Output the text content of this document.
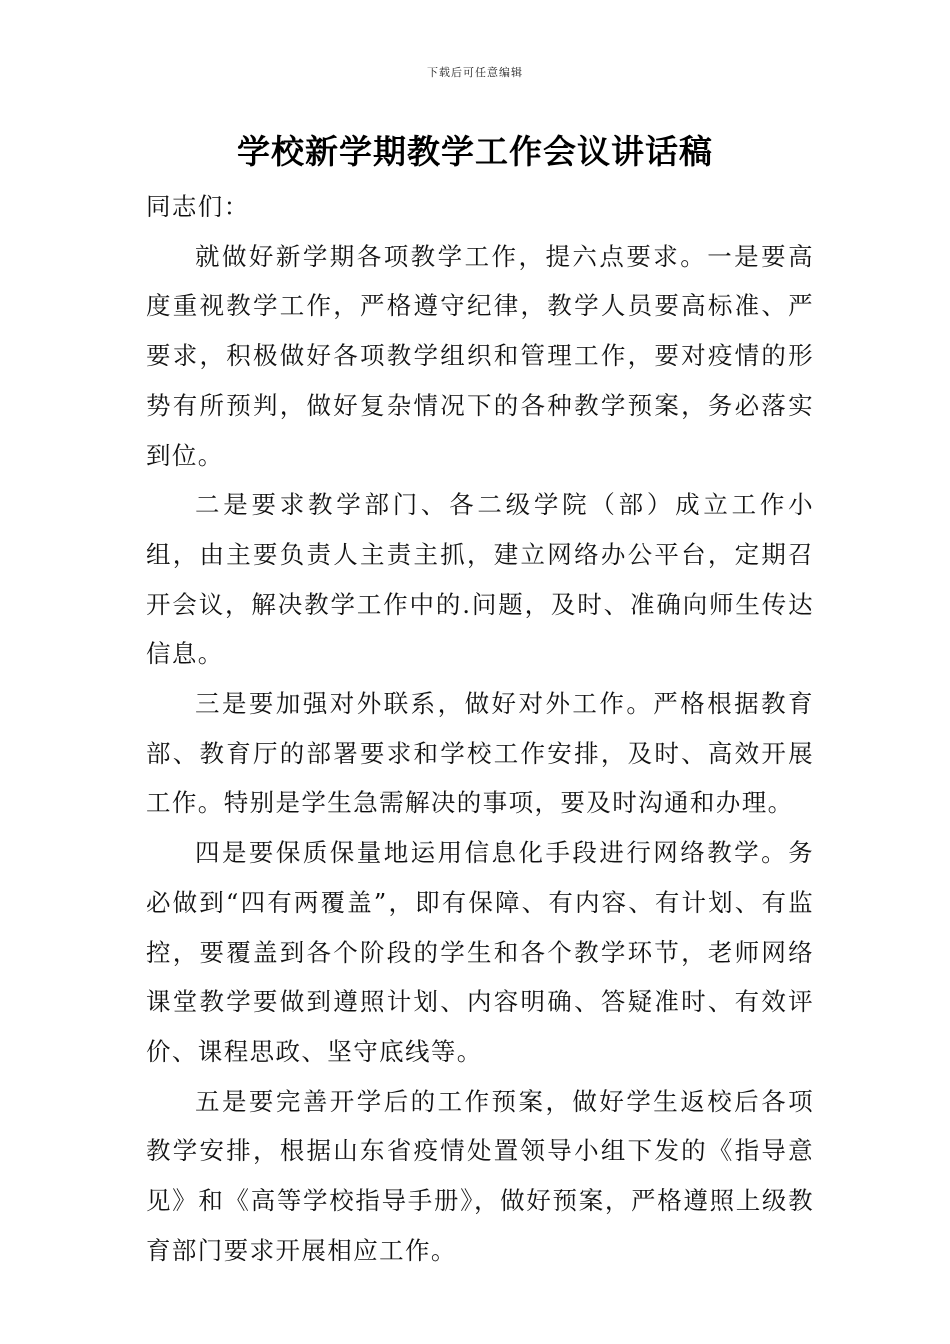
下载后可任意编辑
学校新学期教学工作会议讲话稿

同志们：

就做好新学期各项教学工作，提六点要求。一是要高度重视教学工作，严格遵守纪律，教学人员要高标准、严要求，积极做好各项教学组织和管理工作，要对疫情的形势有所预判，做好复杂情况下的各种教学预案，务必落实到位。

二是要求教学部门、各二级学院（部）成立工作小组，由主要负责人主责主抓，建立网络办公平台，定期召开会议，解决教学工作中的.问题，及时、准确向师生传达信息。

三是要加强对外联系，做好对外工作。严格根据教育部、教育厅的部署要求和学校工作安排，及时、高效开展工作。特别是学生急需解决的事项，要及时沟通和办理。

四是要保质保量地运用信息化手段进行网络教学。务必做到“四有两覆盖”，即有保障、有内容、有计划、有监控，要覆盖到各个阶段的学生和各个教学环节，老师网络课堂教学要做到遵照计划、内容明确、答疑准时、有效评价、课程思政、坚守底线等。

五是要完善开学后的工作预案，做好学生返校后各项教学安排，根据山东省疫情处置领导小组下发的《指导意见》和《高等学校指导手册》，做好预案，严格遵照上级教育部门要求开展相应工作。
